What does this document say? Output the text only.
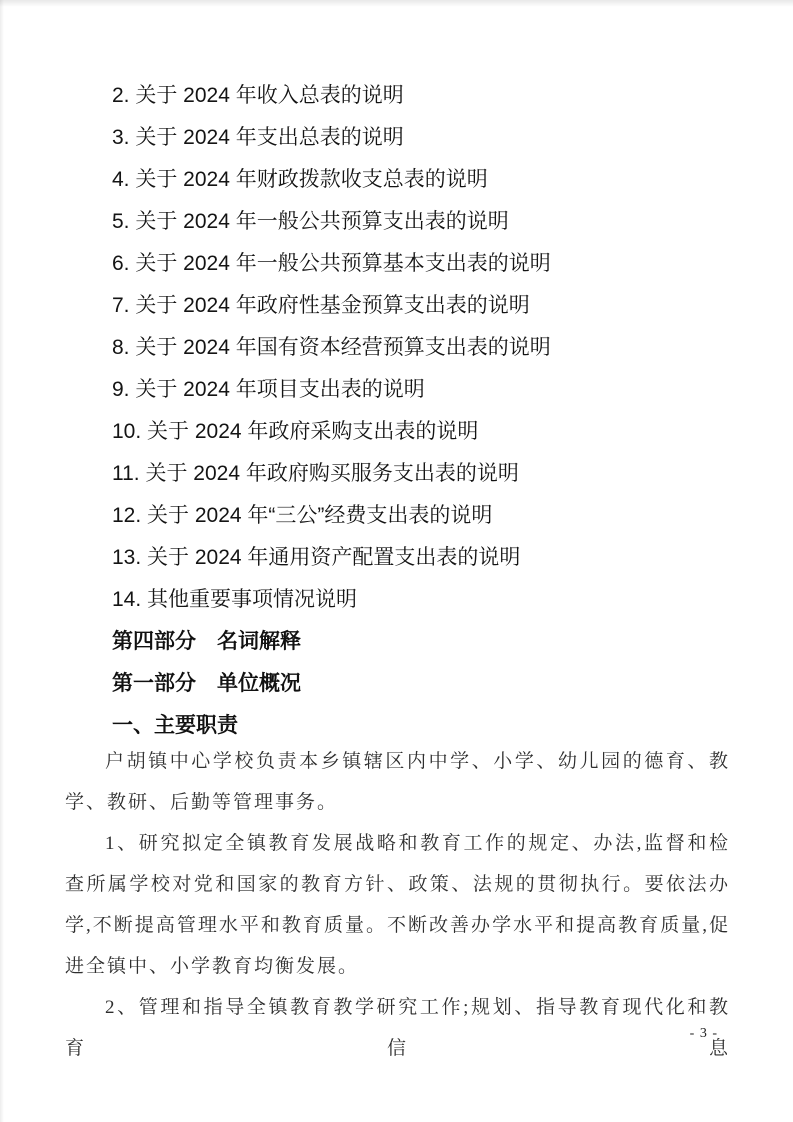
2. 关于 2024 年收入总表的说明
3. 关于 2024 年支出总表的说明
4. 关于 2024 年财政拨款收支总表的说明
5. 关于 2024 年一般公共预算支出表的说明
6. 关于 2024 年一般公共预算基本支出表的说明
7. 关于 2024 年政府性基金预算支出表的说明
8. 关于 2024 年国有资本经营预算支出表的说明
9. 关于 2024 年项目支出表的说明
10. 关于 2024 年政府采购支出表的说明
11. 关于 2024 年政府购买服务支出表的说明
12. 关于 2024 年“三公”经费支出表的说明
13. 关于 2024 年通用资产配置支出表的说明
14. 其他重要事项情况说明
第四部分　名词解释
第一部分　单位概况
一、主要职责

户胡镇中心学校负责本乡镇辖区内中学、小学、幼儿园的德育、教学、教研、后勤等管理事务。

1、研究拟定全镇教育发展战略和教育工作的规定、办法,监督和检查所属学校对党和国家的教育方针、政策、法规的贯彻执行。要依法办学,不断提高管理水平和教育质量。不断改善办学水平和提高教育质量,促进全镇中、小学教育均衡发展。

2、管理和指导全镇教育教学研究工作;规划、指导教育现代化和教育信息

- 3 -
